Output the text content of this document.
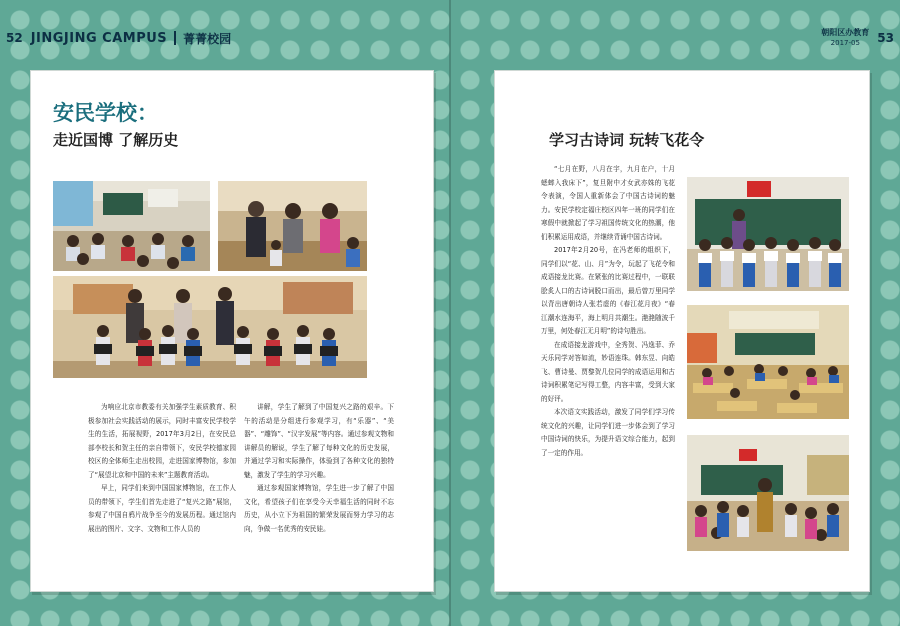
52 JINGJING CAMPUS 菁菁校园	朝阳区办教育
2017-05	53
安民学校：
走近国博 了解历史

为响应北京市教委有关加强学生素质教育、积极参加社会实践活动的展示，同时丰富安民学校学生的生活，拓展视野，2017年3月2日，在安民总部李校长和贺主任的亲自带领下，安民学校德家园校区的全体师生走出校园，走进国家博物馆，参加了“展望北京和中国的未来”主题教育活动。

早上，同学们来到中国国家博物馆，在工作人员的带领下，学生们首先走进了“复兴之路”展馆，参观了中国自鸦片战争至今的发展历程。通过馆内展出的图片、文字、文物和工作人员的

讲解，学生了解到了中国复兴之路的艰辛。下午的活动是分组进行参观学习，有“乐器”、“美器”、“雕饰”、“汉字发展”等内容。通过参观文物和讲解员的解说，学生了解了每种文化的历史发展，并通过学习和实际操作，体验到了各种文化的独特魅，激发了学生的学习兴趣。

通过参观国家博物馆，学生进一步了解了中国文化，希望孩子们在享受今天幸福生活的同时不忘历史，从小立下为祖国的繁荣发展而努力学习的志向，争做一名优秀的安民娃。

学习古诗词 玩转飞花令

“七月在野，八月在宇，九月在户，十月蟋蟀入我床下”，复旦附中才女武亦姝的飞花令表演，令国人重新体会了中国古诗词的魅力。安民学校定福庄校区四年一班的同学们在寒假中就掀起了学习祖国传统文化的热潮，他们积累运用成语，并继续背诵中国古诗词。

2017年2月20号，在冯老师的组织下，同学们以“花、山、月”为令，玩起了飞花令和成语接龙比赛。在紧张的比赛过程中，一联联脍炙人口的古诗词脱口而出，最后曾万里同学以背出唐朝诗人张若虚的《春江花月夜》“春江潮水连海平，海上明月共潮生。滟滟随波千万里，何处春江无月明”的诗句胜出。

在成语接龙游戏中，全秀贺、冯逸菲、乔天乐同学对答如流，妙语连珠。韩东昱、向皓飞、曹诗曼、贾黎贺几位同学的成语运用和古诗词积累笔记写得工整，内容丰富，受到大家的好评。

本次语文实践活动，激发了同学们学习传统文化的兴趣，让同学们进一步体会到了学习中国诗词的快乐，为提升语文综合能力，起到了一定的作用。
